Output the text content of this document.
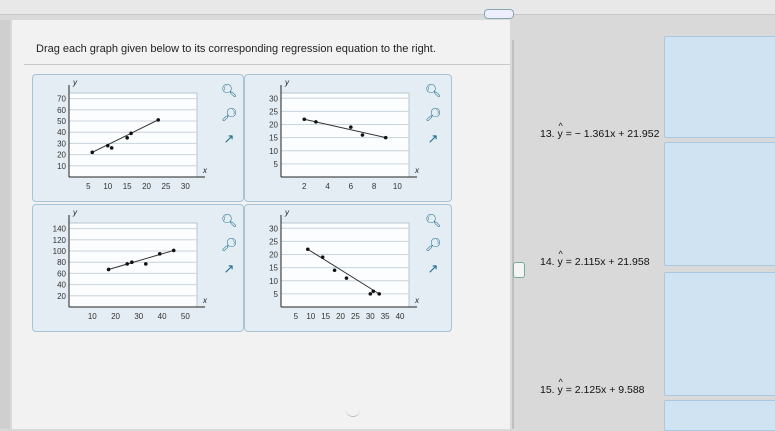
Drag each graph given below to its corresponding regression equation to the right.
70
60
50
40
30
20
10
5 10 15 20 25 30
y
x
🔍︎
🔎︎
↗
30
25
20
15
10
5
2 4 6 8 10
y
x
🔍︎
🔎︎
↗
140
120
100
80
60
40
20
10 20 30 40 50
y
x
🔍︎
🔎︎
↗
30
25
20
15
10
5
5 10 15 20 25 30 35 40
y
x
🔍︎
🔎︎
↗
13. ^ y = − 1.361x + 21.952
14. ^ y = 2.115x + 21.958
15. ^ y = 2.125x + 9.588
